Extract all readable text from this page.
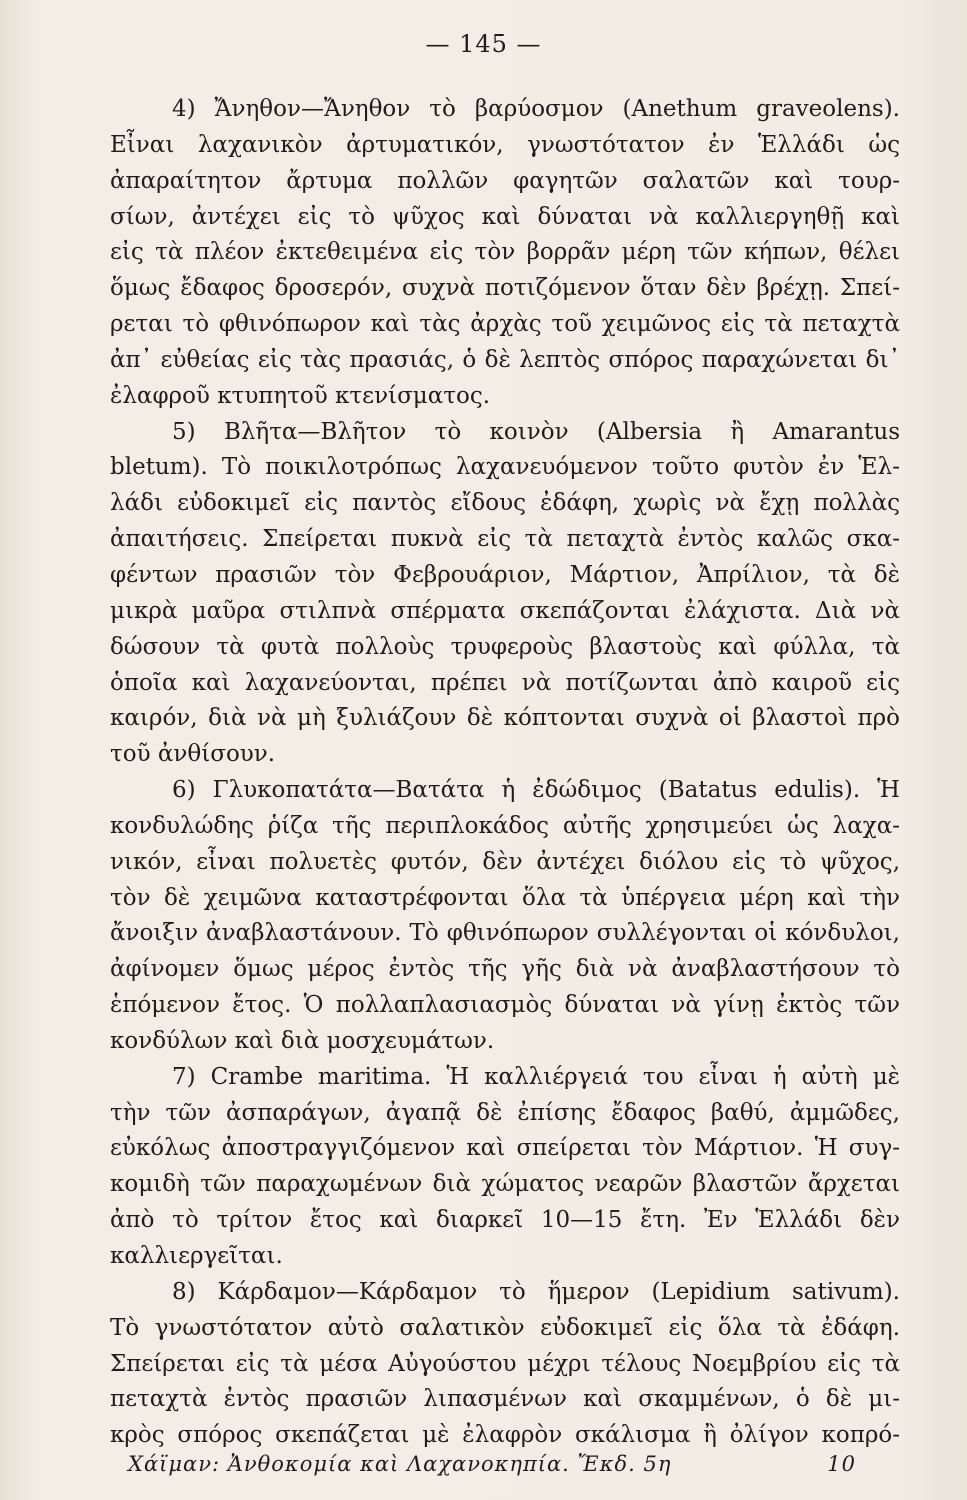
— 145 —
4) Ἄνηθον—Ἄνηθον τὸ βαρύοσμον (Anethum graveolens).
Εἶναι λαχανικὸν ἀρτυματικόν, γνωστότατον ἐν Ἑλλάδι ὡς
ἀπαραίτητον ἄρτυμα πολλῶν φαγητῶν σαλατῶν καὶ τουρ-
σίων, ἀντέχει εἰς τὸ ψῦχος καὶ δύναται νὰ καλλιεργηθῇ καὶ
εἰς τὰ πλέον ἐκτεθειμένα εἰς τὸν βορρᾶν μέρη τῶν κήπων, θέλει
ὅμως ἔδαφος δροσερόν, συχνὰ ποτιζόμενον ὅταν δὲν βρέχῃ. Σπεί-
ρεται τὸ φθινόπωρον καὶ τὰς ἀρχὰς τοῦ χειμῶνος εἰς τὰ πεταχτὰ
ἀπ᾽ εὐθείας εἰς τὰς πρασιάς, ὁ δὲ λεπτὸς σπόρος παραχώνεται δι᾽
ἐλαφροῦ κτυπητοῦ κτενίσματος.
5) Βλῆτα—Βλῆτον τὸ κοινὸν (Albersia ἢ Amarantus
bletum). Τὸ ποικιλοτρόπως λαχανευόμενον τοῦτο φυτὸν ἐν Ἑλ-
λάδι εὐδοκιμεῖ εἰς παντὸς εἴδους ἐδάφη, χωρὶς νὰ ἔχῃ πολλὰς
ἀπαιτήσεις. Σπείρεται πυκνὰ εἰς τὰ πεταχτὰ ἐντὸς καλῶς σκα-
φέντων πρασιῶν τὸν Φεβρουάριον, Μάρτιον, Ἀπρίλιον, τὰ δὲ
μικρὰ μαῦρα στιλπνὰ σπέρματα σκεπάζονται ἐλάχιστα. Διὰ νὰ
δώσουν τὰ φυτὰ πολλοὺς τρυφεροὺς βλαστοὺς καὶ φύλλα, τὰ
ὁποῖα καὶ λαχανεύονται, πρέπει νὰ ποτίζωνται ἀπὸ καιροῦ εἰς
καιρόν, διὰ νὰ μὴ ξυλιάζουν δὲ κόπτονται συχνὰ οἱ βλαστοὶ πρὸ
τοῦ ἀνθίσουν.
6) Γλυκοπατάτα—Βατάτα ἡ ἐδώδιμος (Batatus edulis). Ἡ
κονδυλώδης ῥίζα τῆς περιπλοκάδος αὐτῆς χρησιμεύει ὡς λαχα-
νικόν, εἶναι πολυετὲς φυτόν, δὲν ἀντέχει διόλου εἰς τὸ ψῦχος,
τὸν δὲ χειμῶνα καταστρέφονται ὅλα τὰ ὑπέργεια μέρη καὶ τὴν
ἄνοιξιν ἀναβλαστάνουν. Τὸ φθινόπωρον συλλέγονται οἱ κόνδυλοι,
ἀφίνομεν ὅμως μέρος ἐντὸς τῆς γῆς διὰ νὰ ἀναβλαστήσουν τὸ
ἑπόμενον ἔτος. Ὁ πολλαπλασιασμὸς δύναται νὰ γίνῃ ἐκτὸς τῶν
κονδύλων καὶ διὰ μοσχευμάτων.
7) Crambe maritima. Ἡ καλλιέργειά του εἶναι ἡ αὐτὴ μὲ
τὴν τῶν ἀσπαράγων, ἀγαπᾷ δὲ ἐπίσης ἔδαφος βαθύ, ἀμμῶδες,
εὐκόλως ἀποστραγγιζόμενον καὶ σπείρεται τὸν Μάρτιον. Ἡ συγ-
κομιδὴ τῶν παραχωμένων διὰ χώματος νεαρῶν βλαστῶν ἄρχεται
ἀπὸ τὸ τρίτον ἔτος καὶ διαρκεῖ 10—15 ἔτη. Ἐν Ἑλλάδι δὲν
καλλιεργεῖται.
8) Κάρδαμον—Κάρδαμον τὸ ἥμερον (Lepidium sativum).
Τὸ γνωστότατον αὐτὸ σαλατικὸν εὐδοκιμεῖ εἰς ὅλα τὰ ἐδάφη.
Σπείρεται εἰς τὰ μέσα Αὐγούστου μέχρι τέλους Νοεμβρίου εἰς τὰ
πεταχτὰ ἐντὸς πρασιῶν λιπασμένων καὶ σκαμμένων, ὁ δὲ μι-
κρὸς σπόρος σκεπάζεται μὲ ἐλαφρὸν σκάλισμα ἢ ὀλίγον κοπρό-
Χάϊμαν: Ἀνθοκομία καὶ Λαχανοκηπία. Ἔκδ. 5η	10
